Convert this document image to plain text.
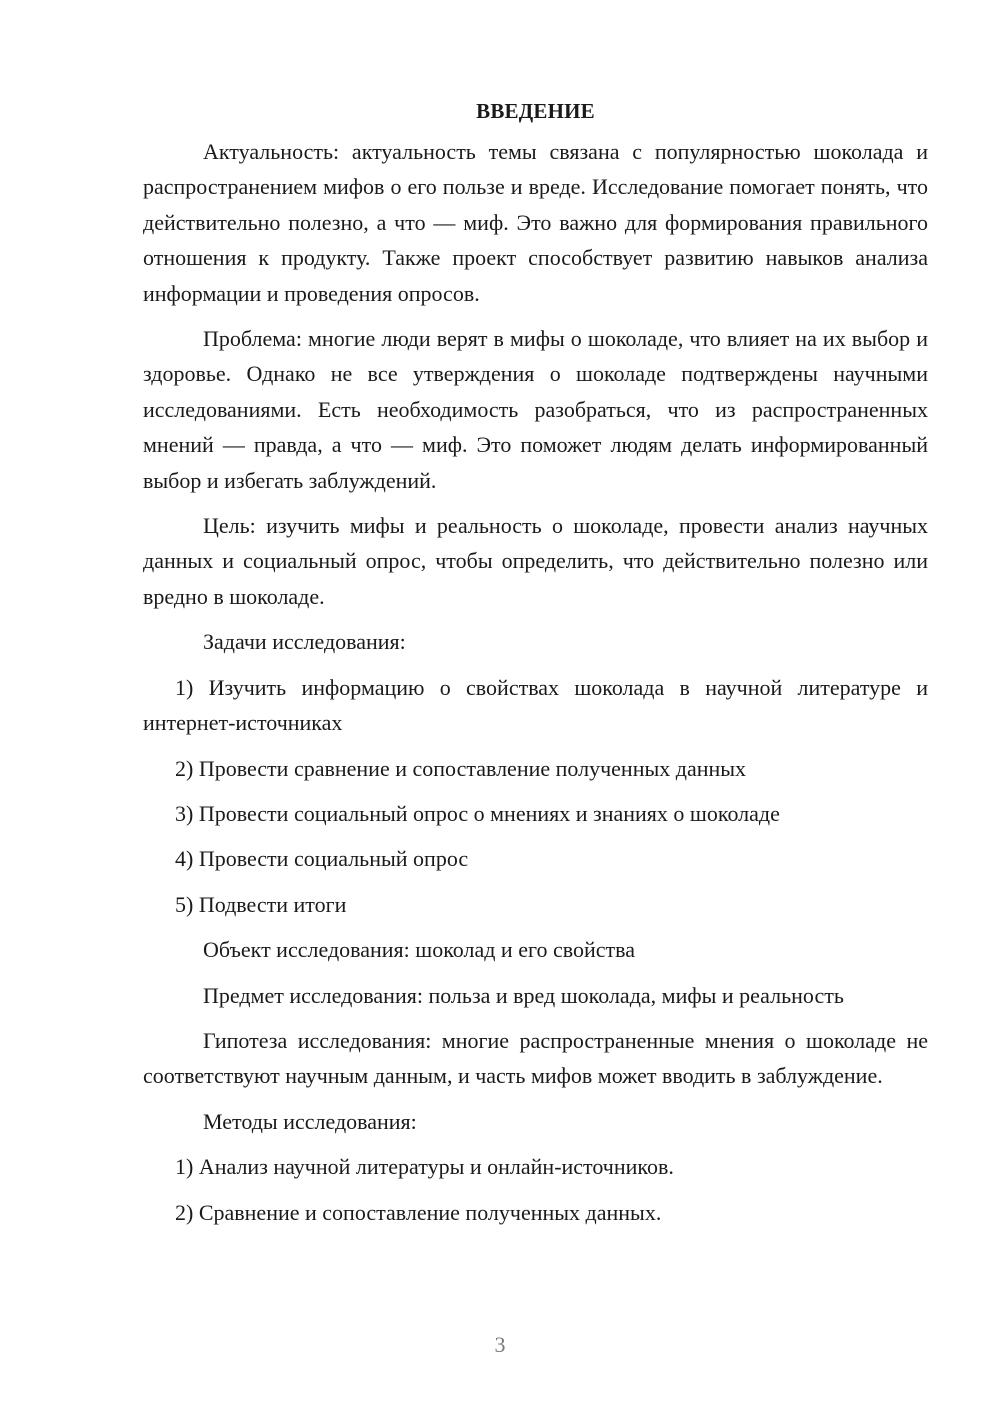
ВВЕДЕНИЕ

Актуальность: актуальность темы связана с популярностью шоколада и распространением мифов о его пользе и вреде. Исследование помогает понять, что действительно полезно, а что — миф. Это важно для формирования правильного отношения к продукту. Также проект способствует развитию навыков анализа информации и проведения опросов.

Проблема: многие люди верят в мифы о шоколаде, что влияет на их выбор и здоровье. Однако не все утверждения о шоколаде подтверждены научными исследованиями. Есть необходимость разобраться, что из распространенных мнений — правда, а что — миф. Это поможет людям делать информированный выбор и избегать заблуждений.

Цель: изучить мифы и реальность о шоколаде, провести анализ научных данных и социальный опрос, чтобы определить, что действительно полезно или вредно в шоколаде.

Задачи исследования:

1) Изучить информацию о свойствах шоколада в научной литературе и интернет-источниках

2) Провести сравнение и сопоставление полученных данных

3) Провести социальный опрос о мнениях и знаниях о шоколаде

4) Провести социальный опрос

5) Подвести итоги

Объект исследования: шоколад и его свойства

Предмет исследования: польза и вред шоколада, мифы и реальность

Гипотеза исследования: многие распространенные мнения о шоколаде не соответствуют научным данным, и часть мифов может вводить в заблуждение.

Методы исследования:

1) Анализ научной литературы и онлайн-источников.

2) Сравнение и сопоставление полученных данных.

3
